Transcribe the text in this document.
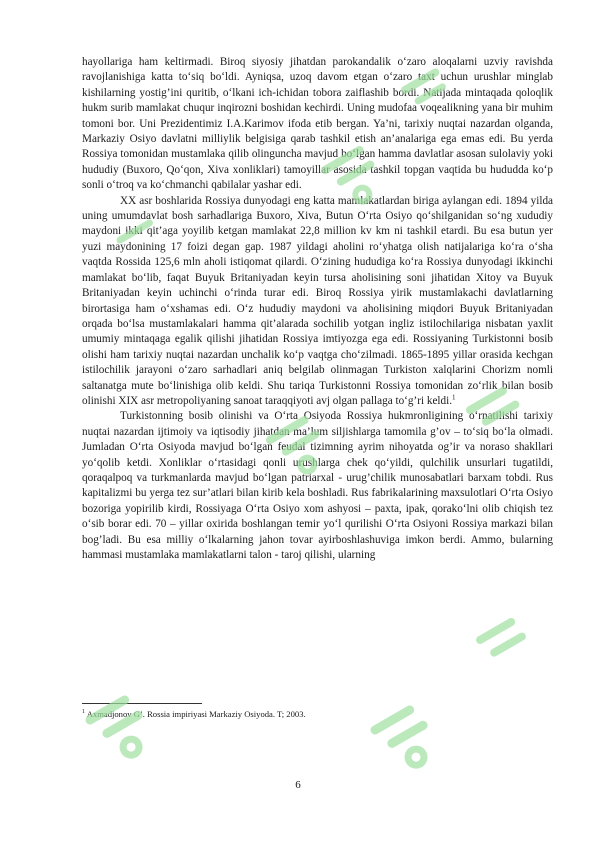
hayollariga ham keltirmadi. Biroq siyosiy jihatdan parokandalik o‘zaro aloqalarni uzviy ravishda ravojlanishiga katta to‘siq bo‘ldi. Ayniqsa, uzoq davom etgan o‘zaro taxt uchun urushlar minglab kishilarning yostig’ini quritib, o‘lkani ich-ichidan tobora zaiflashib bordi. Natijada mintaqada qoloqlik hukm surib mamlakat chuqur inqirozni boshidan kechirdi. Uning mudofaa voqealikning yana bir muhim tomoni bor. Uni Prezidentimiz I.A.Karimov ifoda etib bergan. Ya’ni, tarixiy nuqtai nazardan olganda, Markaziy Osiyo davlatni milliylik belgisiga qarab tashkil etish an’analariga ega emas edi. Bu yerda Rossiya tomonidan mustamlaka qilib olinguncha mavjud bo‘lgan hamma davlatlar asosan sulolaviy yoki hududiy (Buxoro, Qo‘qon, Xiva xonliklari) tamoyillar asosida tashkil topgan vaqtida bu hududda ko‘p sonli o‘troq va ko‘chmanchi qabilalar yashar edi.

XX asr boshlarida Rossiya dunyodagi eng katta mamlakatlardan biriga aylangan edi. 1894 yilda uning umumdavlat bosh sarhadlariga Buxoro, Xiva, Butun O‘rta Osiyo qo‘shilganidan so‘ng xududiy maydoni ikki qit’aga yoyilib ketgan mamlakat 22,8 million kv km ni tashkil etardi. Bu esa butun yer yuzi maydonining 17 foizi degan gap. 1987 yildagi aholini ro‘yhatga olish natijalariga ko‘ra o‘sha vaqtda Rossida 125,6 mln aholi istiqomat qilardi. O‘zining hududiga ko‘ra Rossiya dunyodagi ikkinchi mamlakat bo‘lib, faqat Buyuk Britaniyadan keyin tursa aholisining soni jihatidan Xitoy va Buyuk Britaniyadan keyin uchinchi o‘rinda turar edi. Biroq Rossiya yirik mustamlakachi davlatlarning birortasiga ham o‘xshamas edi. O‘z hududiy maydoni va aholisining miqdori Buyuk Britaniyadan orqada bo‘lsa mustamlakalari hamma qit’alarada sochilib yotgan ingliz istilochilariga nisbatan yaxlit umumiy mintaqaga egalik qilishi jihatidan Rossiya imtiyozga ega edi. Rossiyaning Turkistonni bosib olishi ham tarixiy nuqtai nazardan unchalik ko‘p vaqtga cho‘zilmadi. 1865-1895 yillar orasida kechgan istilochilik jarayoni o‘zaro sarhadlari aniq belgilab olinmagan Turkiston xalqlarini Chorizm nomli saltanatga mute bo‘linishiga olib keldi. Shu tariqa Turkistonni Rossiya tomonidan zo‘rlik bilan bosib olinishi XIX asr metropoliyaning sanoat taraqqiyoti avj olgan pallaga to‘g’ri keldi.$^1$

Turkistonning bosib olinishi va O‘rta Osiyoda Rossiya hukmronligining o‘rnatilishi tarixiy nuqtai nazardan ijtimoiy va iqtisodiy jihatdan ma’lum siljishlarga tamomila g’ov – to‘siq bo‘la olmadi. Jumladan O‘rta Osiyoda mavjud bo‘lgan feudal tizimning ayrim nihoyatda og’ir va noraso shakllari yo‘qolib ketdi. Xonliklar o‘rtasidagi qonli urushlarga chek qo‘yildi, qulchilik unsurlari tugatildi, qoraqalpoq va turkmanlarda mavjud bo‘lgan patriarxal - urug’chilik munosabatlari barxam tobdi. Rus kapitalizmi bu yerga tez sur’atlari bilan kirib kela boshladi. Rus fabrikalarining maxsulotlari O‘rta Osiyo bozoriga yopirilib kirdi, Rossiyaga O‘rta Osiyo xom ashyosi – paxta, ipak, qorako‘lni olib chiqish tez o‘sib borar edi. 70 – yillar oxirida boshlangan temir yo‘l qurilishi O‘rta Osiyoni Rossiya markazi bilan bog’ladi. Bu esa milliy o‘lkalarning jahon tovar ayirboshlashuviga imkon berdi. Ammo, bularning hammasi mustamlaka mamlakatlarni talon - taroj qilishi, ularning

$^1$ Axmadjonov G’. Rossia impiriyasi Markaziy Osiyoda. T; 2003.
6
